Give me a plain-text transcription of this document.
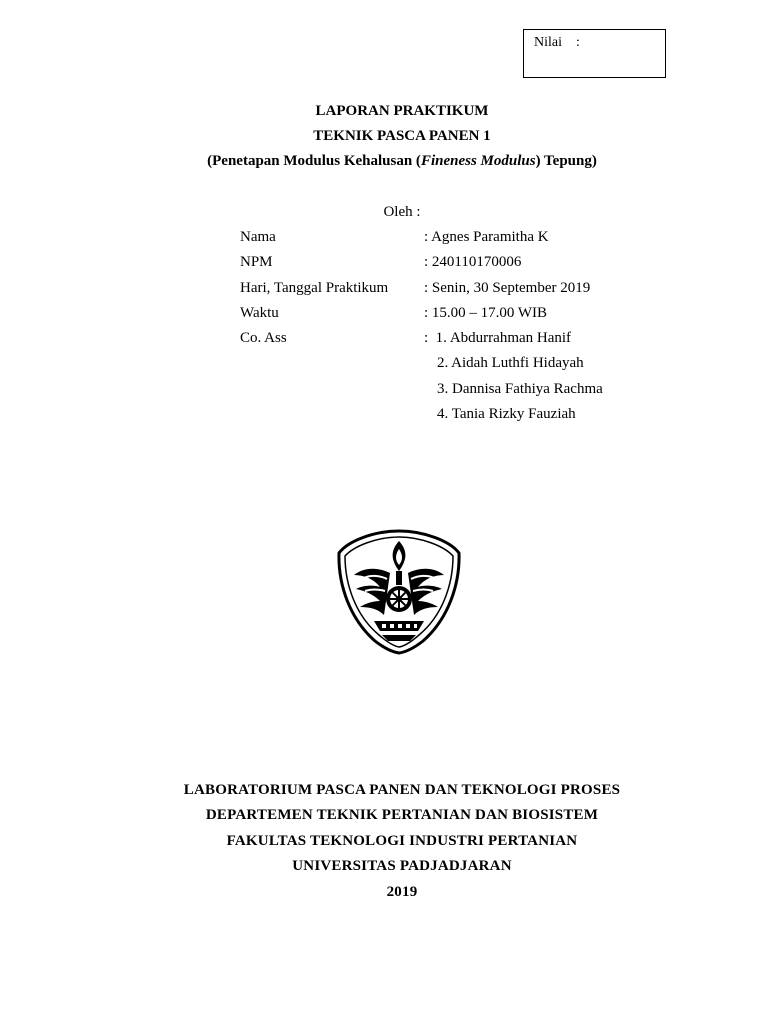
Nilai    :
LAPORAN PRAKTIKUM
TEKNIK PASCA PANEN 1
(Penetapan Modulus Kehalusan (Fineness Modulus) Tepung)
Oleh :
Nama	: Agnes Paramitha K
NPM	: 240110170006
Hari, Tanggal Praktikum : Senin, 30 September 2019
Waktu	: 15.00 – 17.00 WIB
Co. Ass	:  1. Abdurrahman Hanif
2. Aidah Luthfi Hidayah
3. Dannisa Fathiya Rachma
4. Tania Rizky Fauziah
LABORATORIUM PASCA PANEN DAN TEKNOLOGI PROSES
DEPARTEMEN TEKNIK PERTANIAN DAN BIOSISTEM
FAKULTAS TEKNOLOGI INDUSTRI PERTANIAN
UNIVERSITAS PADJADJARAN
2019
